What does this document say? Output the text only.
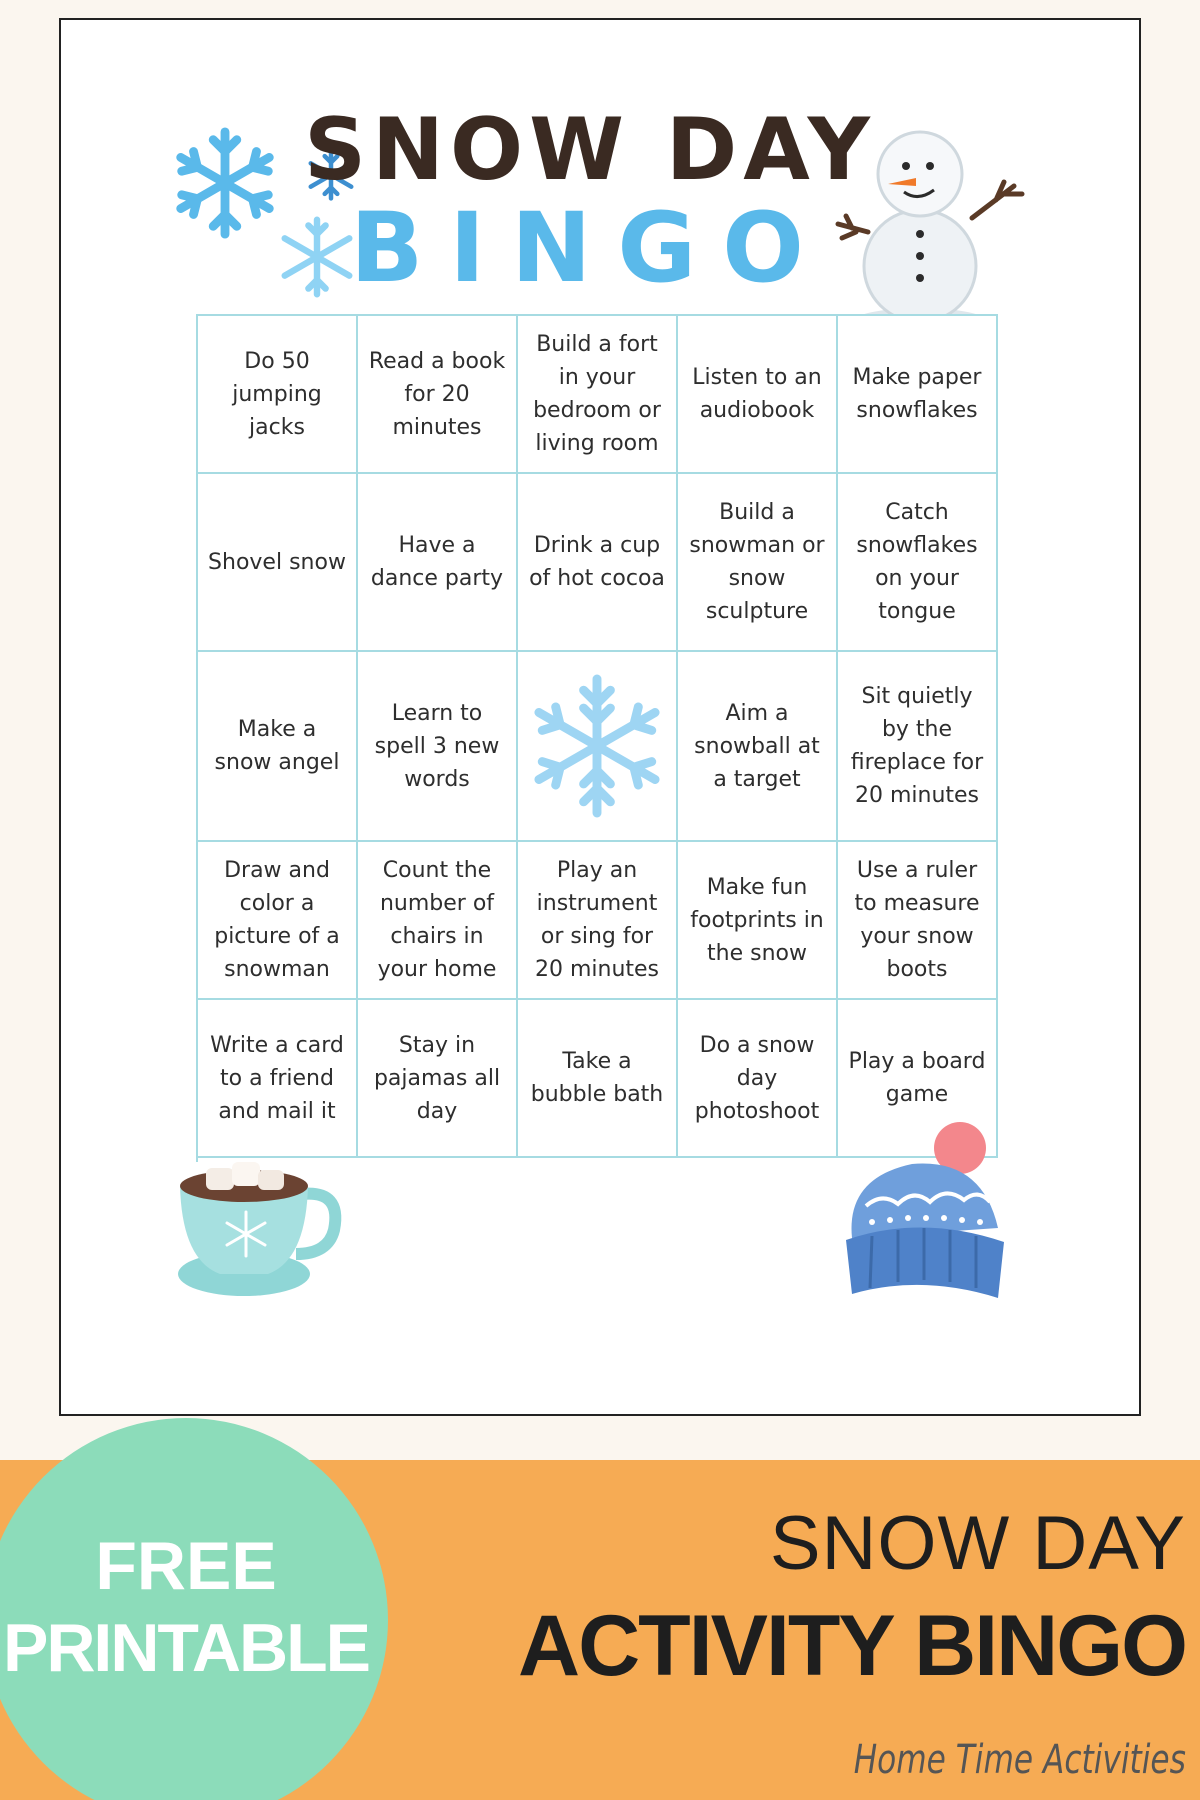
SNOW DAY
BINGO
Do 50 jumping jacks
Read a book for 20 minutes
Build a fort in your bedroom or living room
Listen to an audiobook
Make paper snowflakes
Shovel snow
Have a dance party
Drink a cup of hot cocoa
Build a snowman or snow sculpture
Catch snowflakes on your tongue
Make a snow angel
Learn to spell 3 new words
Aim a snowball at a target
Sit quietly by the fireplace for 20 minutes
Draw and color a picture of a snowman
Count the number of chairs in your home
Play an instrument or sing for 20 minutes
Make fun footprints in the snow
Use a ruler to measure your snow boots
Write a card to a friend and mail it
Stay in pajamas all day
Take a bubble bath
Do a snow day photoshoot
Play a board game
FREE
PRINTABLE
SNOW DAY
ACTIVITY BINGO
Home Time Activities
